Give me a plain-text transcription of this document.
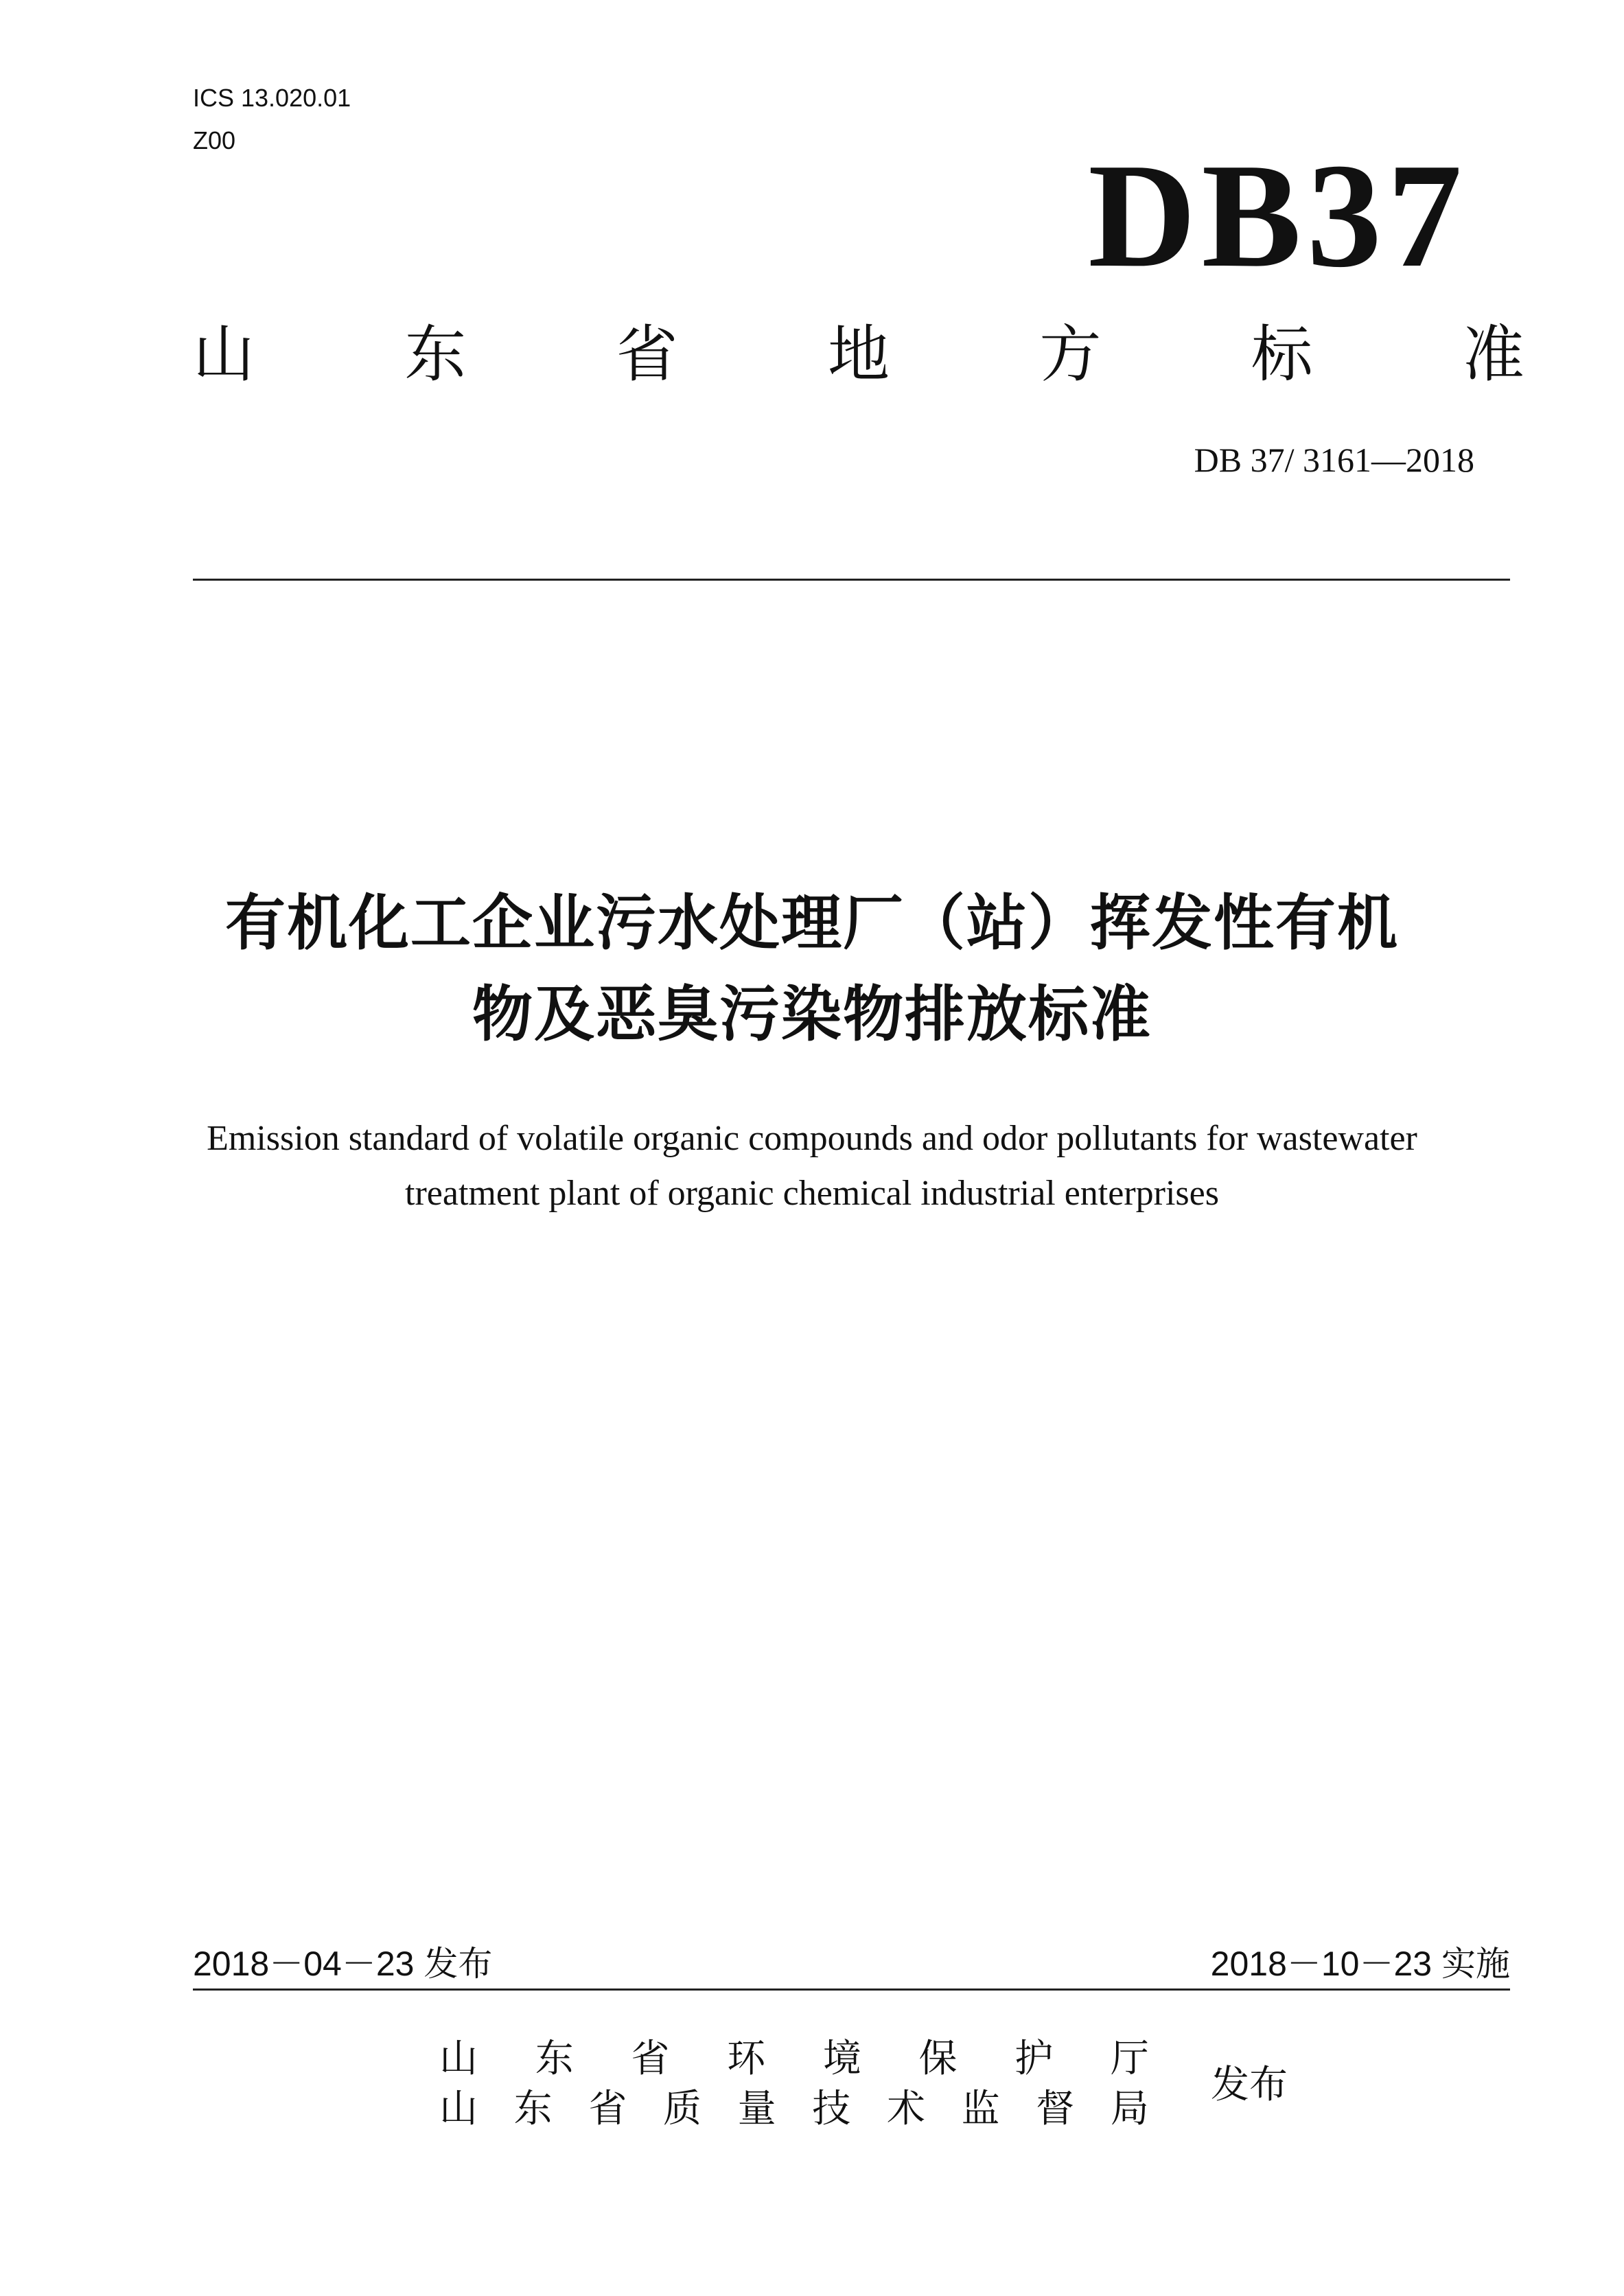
ICS 13.020.01
Z00	DB37
山 东 省 地 方 标 准
DB 37/ 3161—2018
有机化工企业污水处理厂（站）挥发性有机
物及恶臭污染物排放标准
Emission standard of volatile organic compounds and odor pollutants for wastewater
treatment plant of organic chemical industrial enterprises
2018－04－23 发布	2018－10－23 实施
山 东 省 环 境 保 护 厅
山 东 省 质 量 技 术 监 督 局
发布
